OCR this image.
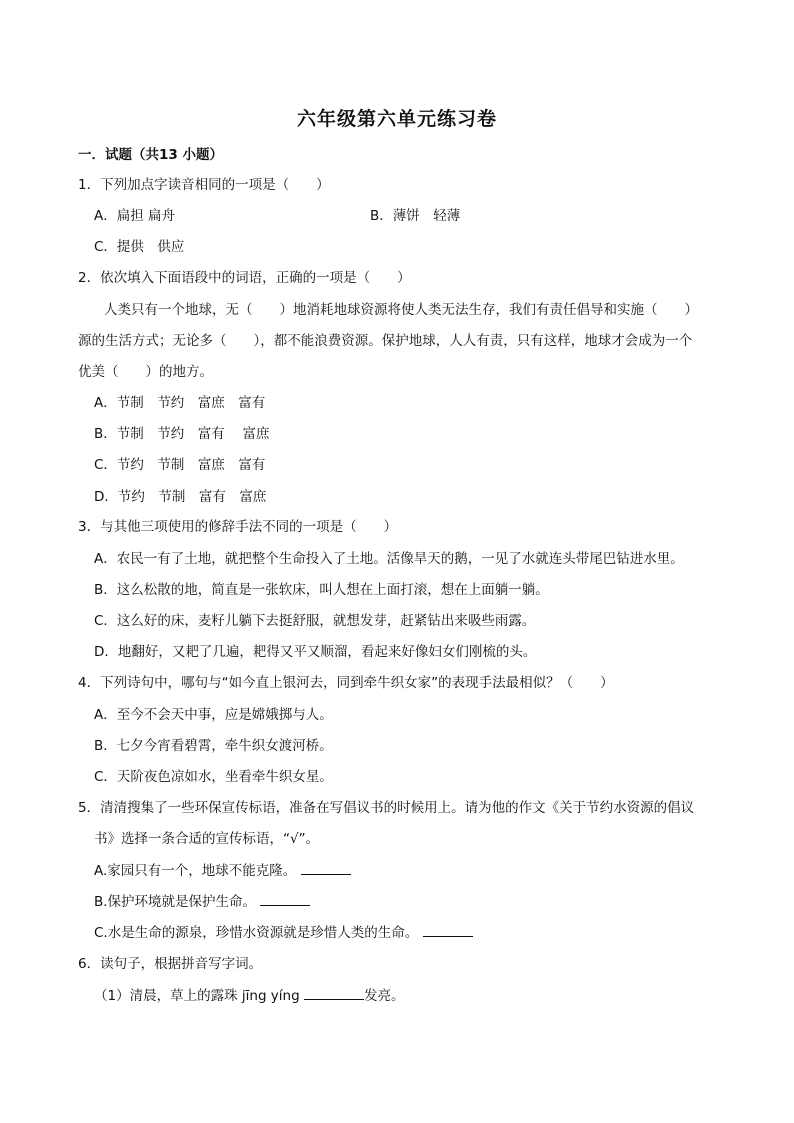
六年级第六单元练习卷
一．试题（共13 小题）
1．下列加点字读音相同的一项是（　　）
A．扁担 扁舟	B．薄饼　轻薄
C．提供　供应
2．依次填入下面语段中的词语，正确的一项是（　　）
人类只有一个地球，无（　　）地消耗地球资源将使人类无法生存，我们有责任倡导和实施（　　）
源的生活方式；无论多（　　），都不能浪费资源。保护地球，人人有责，只有这样，地球才会成为一个
优美（　　）的地方。
A．节制　节约　富庶　富有
B．节制　节约　富有　 富庶
C．节约　节制　富庶　富有
D．节约　节制　富有　富庶
3．与其他三项使用的修辞手法不同的一项是（　　）
A．农民一有了土地，就把整个生命投入了土地。活像旱天的鹅，一见了水就连头带尾巴钻进水里。
B．这么松散的地，简直是一张软床，叫人想在上面打滚，想在上面躺一躺。
C．这么好的床，麦籽儿躺下去挺舒服，就想发芽，赶紧钻出来吸些雨露。
D．地翻好，又耙了几遍，耙得又平又顺溜，看起来好像妇女们刚梳的头。
4．下列诗句中，哪句与“如今直上银河去，同到牵牛织女家”的表现手法最相似？（　　）
A．至今不会天中事，应是嫦娥掷与人。
B．七夕今宵看碧霄，牵牛织女渡河桥。
C．天阶夜色凉如水，坐看牵牛织女星。
5．清清搜集了一些环保宣传标语，准备在写倡议书的时候用上。请为他的作文《关于节约水资源的倡议
书》选择一条合适的宣传标语，“√”。
A.家园只有一个，地球不能克隆。
B.保护环境就是保护生命。
C.水是生命的源泉，珍惜水资源就是珍惜人类的生命。
6．读句子，根据拼音写字词。
（1）清晨，草上的露珠 jīng yíng	发亮。
